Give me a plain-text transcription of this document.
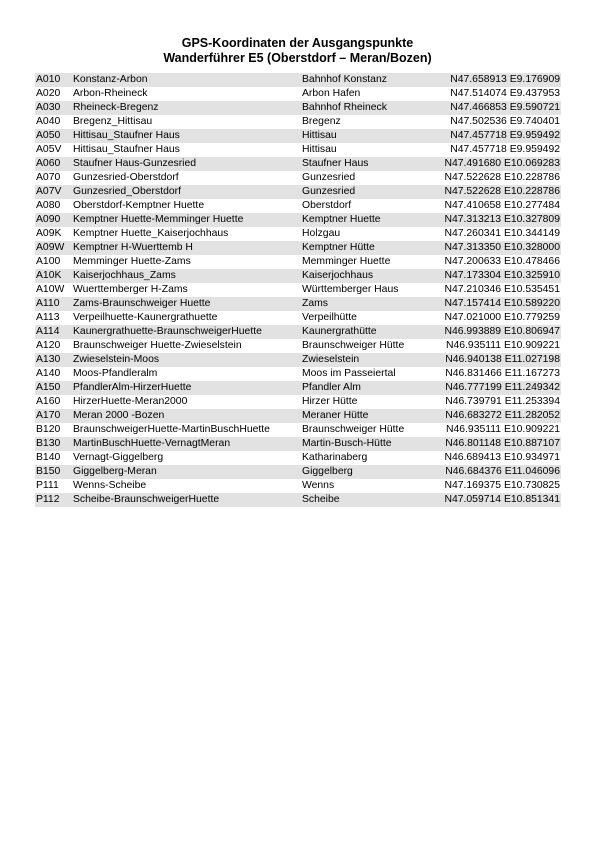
GPS-Koordinaten der Ausgangspunkte
Wanderführer E5 (Oberstdorf – Meran/Bozen)
A010 Konstanz-Arbon	Bahnhof Konstanz	N47.658913 E9.176909
A020 Arbon-Rheineck	Arbon Hafen	N47.514074 E9.437953
A030 Rheineck-Bregenz	Bahnhof Rheineck	N47.466853 E9.590721
A040 Bregenz_Hittisau	Bregenz	N47.502536 E9.740401
A050 Hittisau_Staufner Haus	Hittisau	N47.457718 E9.959492
A05V Hittisau_Staufner Haus	Hittisau	N47.457718 E9.959492
A060 Staufner Haus-Gunzesried	Staufner Haus	N47.491680 E10.069283
A070 Gunzesried-Oberstdorf	Gunzesried	N47.522628 E10.228786
A07V Gunzesried_Oberstdorf	Gunzesried	N47.522628 E10.228786
A080 Oberstdorf-Kemptner Huette	Oberstdorf	N47.410658 E10.277484
A090 Kemptner Huette-Memminger Huette	Kemptner Huette	N47.313213 E10.327809
A09K Kemptner Huette_Kaiserjochhaus	Holzgau	N47.260341 E10.344149
A09W Kemptner H-Wuerttemb H	Kemptner Hütte	N47.313350 E10.328000
A100 Memminger Huette-Zams	Memminger Huette	N47.200633 E10.478466
A10K Kaiserjochhaus_Zams	Kaiserjochhaus	N47.173304 E10.325910
A10W Wuerttemberger H-Zams	Württemberger Haus	N47.210346 E10.535451
A110 Zams-Braunschweiger Huette	Zams	N47.157414 E10.589220
A113 Verpeilhuette-Kaunergrathuette	Verpeilhütte	N47.021000 E10.779259
A114 Kaunergrathuette-BraunschweigerHuette	Kaunergrathütte	N46.993889 E10.806947
A120 Braunschweiger Huette-Zwieselstein	Braunschweiger Hütte	N46.935111 E10.909221
A130 Zwieselstein-Moos	Zwieselstein	N46.940138 E11.027198
A140 Moos-Pfandleralm	Moos im Passeiertal	N46.831466 E11.167273
A150 PfandlerAlm-HirzerHuette	Pfandler Alm	N46.777199 E11.249342
A160 HirzerHuette-Meran2000	Hirzer Hütte	N46.739791 E11.253394
A170 Meran 2000 -Bozen	Meraner Hütte	N46.683272 E11.282052
B120 BraunschweigerHuette-MartinBuschHuette	Braunschweiger Hütte	N46.935111 E10.909221
B130 MartinBuschHuette-VernagtMeran	Martin-Busch-Hütte	N46.801148 E10.887107
B140 Vernagt-Giggelberg	Katharinaberg	N46.689413 E10.934971
B150 Giggelberg-Meran	Giggelberg	N46.684376 E11.046096
P111 Wenns-Scheibe	Wenns	N47.169375 E10.730825
P112 Scheibe-BraunschweigerHuette	Scheibe	N47.059714 E10.851341
